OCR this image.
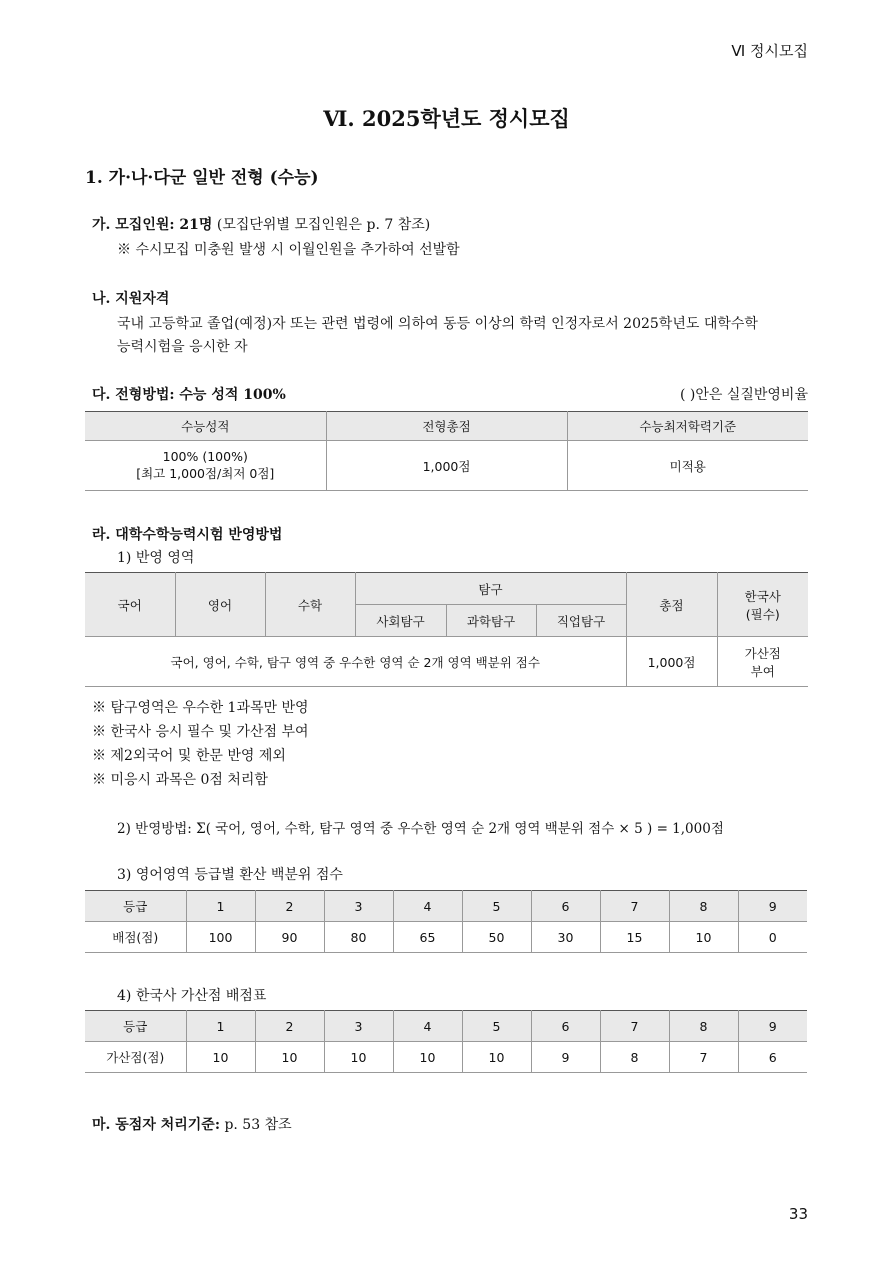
Ⅵ 정시모집
Ⅵ. 2025학년도 정시모집
1. 가·나·다군 일반 전형 (수능)
가. 모집인원: 21명 (모집단위별 모집인원은 p. 7 참조)
※ 수시모집 미충원 발생 시 이월인원을 추가하여 선발함
나. 지원자격
국내 고등학교 졸업(예정)자 또는 관련 법령에 의하여 동등 이상의 학력 인정자로서 2025학년도 대학수학
능력시험을 응시한 자
다. 전형방법: 수능 성적 100%	( )안은 실질반영비율
수능성적	전형총점	수능최저학력기준

100% (100%)
[최고 1,000점/최저 0점]	1,000점	미적용
라. 대학수학능력시험 반영방법
1) 반영 영역
국어	영어	수학	탐구			총점	한국사
(필수)

			사회탐구	과학탐구	직업탐구		
국어, 영어, 수학, 탐구 영역 중 우수한 영역 순 2개 영역 백분위 점수						1,000점	가산점
부여
※ 탐구영역은 우수한 1과목만 반영
※ 한국사 응시 필수 및 가산점 부여
※ 제2외국어 및 한문 반영 제외
※ 미응시 과목은 0점 처리함
2) 반영방법: Σ( 국어, 영어, 수학, 탐구 영역 중 우수한 영역 순 2개 영역 백분위 점수 × 5 ) = 1,000점
3) 영어영역 등급별 환산 백분위 점수
등급	1	2	3	4	5	6	7	8	9
배점(점)	100	90	80	65	50	30	15	10	0
4) 한국사 가산점 배점표
등급	1	2	3	4	5	6	7	8	9
가산점(점)	10	10	10	10	10	9	8	7	6
마. 동점자 처리기준: p. 53 참조
33
